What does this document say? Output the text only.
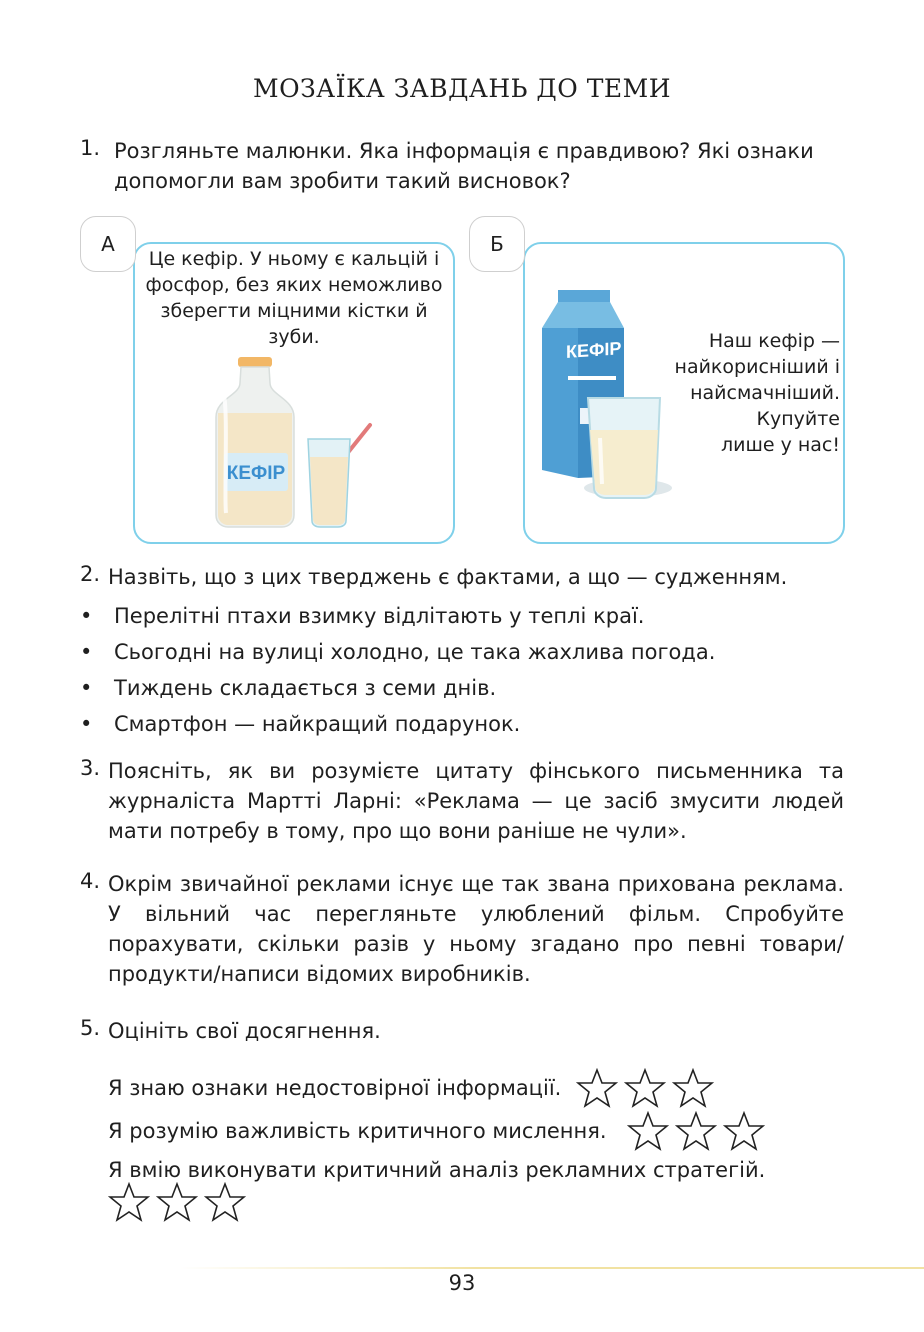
МОЗАЇКА ЗАВДАНЬ ДО ТЕМИ
1. Розгляньте малюнки. Яка інформація є правдивою? Які ознаки допомогли вам зробити такий висновок?
А
Це кефір. У ньому є кальцій і фосфор, без яких неможливо зберегти міцними кістки й зуби.
КЕФІР
Б
Наш кефір —
найкорисніший і
найсмачніший.
Купуйте
лише у нас!
КЕФІР
2. Назвіть, що з цих тверджень є фактами, а що — судженням.
• Перелітні птахи взимку відлітають у теплі краї.
• Сьогодні на вулиці холодно, це така жахлива погода.
• Тиждень складається з семи днів.
• Смартфон — найкращий подарунок.
3. Поясніть, як ви розумієте цитату фінського письменника та журналіста Мартті Ларні: «Реклама — це засіб змусити людей мати потребу в тому, про що вони раніше не чули».
4. Окрім звичайної реклами існує ще так звана прихована реклама. У вільний час перегляньте улюблений фільм. Спробуйте порахувати, скільки разів у ньому згадано про певні товари/продукти/написи відомих виробників.
5. Оцініть свої досягнення.
Я знаю ознаки недостовірної інформації.
Я розумію важливість критичного мислення.
Я вмію виконувати критичний аналіз рекламних стратегій.
93
